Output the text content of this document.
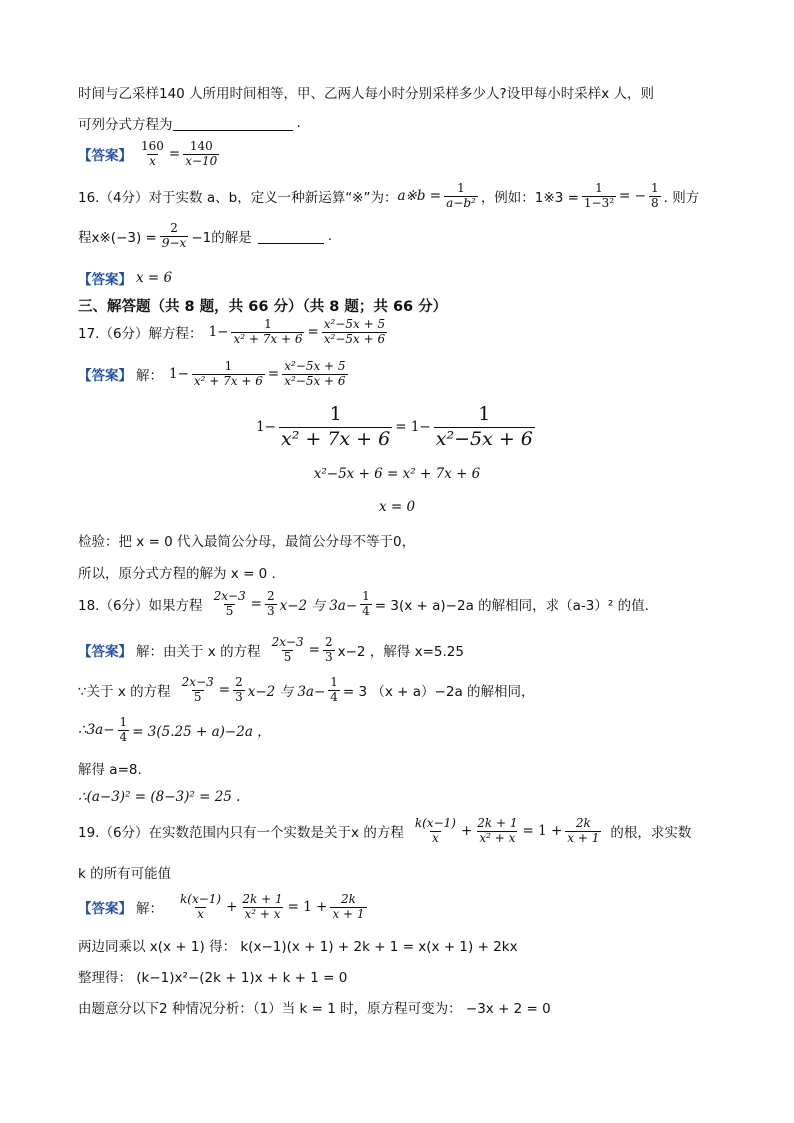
时间与乙采样140 人所用时间相等，甲、乙两人每小时分别采样多少人?设甲每小时采样x 人，则
可列分式方程为	.
【答案】 $\frac{160}{x} = \frac{140}{x-10}$
16.（4分）对于实数 a、b，定义一种新运算“※”为： a※b = $\frac{1}{\text{a−b²}}$ ，例如：1※3 = $\frac{1}{\text{1−3²}}$ = − $\frac{1}{8}$ . 则方
程x※(−3) = $\frac{2}{9-x} -1$的解是	.
【答案】 x = 6
三、解答题（共 8 题，共 66 分）（共 8 题；共 66 分）
17.（6分）解方程： $1- \frac{1}{\text{x² + 7x + 6}} = \frac{\text{x²−5x + 5}}{\text{x²−5x + 6}}$
【答案】 解： $1- \frac{1}{\text{x² + 7x + 6}} = \frac{\text{x²−5x + 5}}{\text{x²−5x + 6}}$
$1- \frac{1}{\text{x² + 7x + 6}} = 1- \frac{1}{\text{x²−5x + 6}}$
x²−5x + 6 = x² + 7x + 6
x = 0
检验：把 x = 0 代入最简公分母，最简公分母不等于0，
所以，原分式方程的解为 x = 0 .
18.（6分）如果方程 $\frac{2x-3}{5} = \frac{2}{3} x-2$ 与 $3a- \frac{1}{4} = 3(x + a)-2a$ 的解相同，求（a-3）² 的值.
【答案】 解：由关于 x 的方程 $\frac{2x-3}{5} = \frac{2}{3} x-2$ ，解得 x=5.25
∵关于 x 的方程 $\frac{2x-3}{5} = \frac{2}{3} x-2$ 与 $3a- \frac{1}{4} = 3$ （x + a）−2a 的解相同，
∴3a− $\frac{1}{4} = 3(5.25 + a)-2a$ ，
解得 a=8.
∴(a−3)² = (8−3)² = 25 .
19.（6分）在实数范围内只有一个实数是关于x 的方程 $\frac{k(x-1)}{x} + \frac{2k + 1}{\text{x² + x}} = 1 + \frac{2k}{x + 1}$ 的根，求实数
k 的所有可能值
【答案】 解： $\frac{k(x-1)}{x} + \frac{2k + 1}{\text{x² + x}} = 1 + \frac{2k}{x + 1}$
两边同乘以 x(x + 1) 得： k(x−1)(x + 1) + 2k + 1 = x(x + 1) + 2kx
整理得： (k−1)x²−(2k + 1)x + k + 1 = 0
由题意分以下2 种情况分析：（1）当 k = 1 时，原方程可变为： −3x + 2 = 0
